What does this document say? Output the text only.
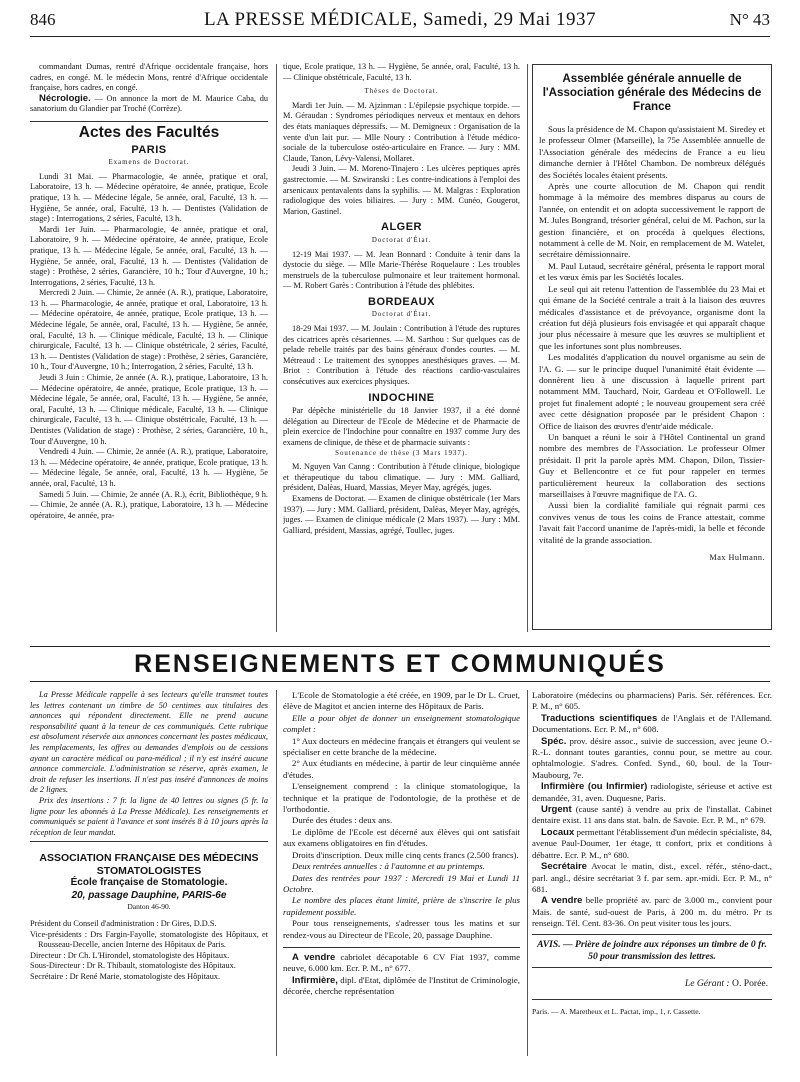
846	LA PRESSE MÉDICALE, Samedi, 29 Mai 1937	N° 43

commandant Dumas, rentré d'Afrique occidentale française, hors cadres, en congé. M. le médecin Mons, rentré d'Afrique occidentale française, hors cadres, en congé.

Nécrologie. — On annonce la mort de M. Maurice Caba, du sanatorium du Glandier par Troché (Corrèze).

Actes des Facultés
PARIS
Examens de Doctorat.

Lundi 31 Mai. — Pharmacologie, 4e année, pratique et oral, Laboratoire, 13 h. — Médecine opératoire, 4e année, pratique, Ecole pratique, 13 h. — Médecine légale, 5e année, oral, Faculté, 13 h. — Hygiène, 5e année, oral, Faculté, 13 h. — Dentistes (Validation de stage) : Interrogations, 2 séries, Faculté, 13 h.

Mardi 1er Juin. — Pharmacologie, 4e année, pratique et oral, Laboratoire, 9 h. — Médecine opératoire, 4e année, pratique, Ecole pratique, 13 h. — Médecine légale, 5e année, oral, Faculté, 13 h. — Hygiène, 5e année, oral, Faculté, 13 h. — Dentistes (Validation de stage) : Prothèse, 2 séries, Garancière, 10 h.; Tour d'Auvergne, 10 h.; Interrogations, 2 séries, Faculté, 13 h.

Mercredi 2 Juin. — Chimie, 2e année (A. R.), pratique, Laboratoire, 13 h. — Pharmacologie, 4e année, pratique et oral, Laboratoire, 13 h. — Médecine opératoire, 4e année, pratique, Ecole pratique, 13 h. — Médecine légale, 5e année, oral, Faculté, 13 h. — Hygiène, 5e année, oral, Faculté, 13 h. — Clinique médicale, Faculté, 13 h. — Clinique chirurgicale, Faculté, 13 h. — Clinique obstétricale, 2 séries, Faculté, 13 h. — Dentistes (Validation de stage) : Prothèse, 2 séries, Garancière, 10 h., Tour d'Auvergne, 10 h.; Interrogation, 2 séries, Faculté, 13 h.

Jeudi 3 Juin : Chimie, 2e année (A. R.), pratique, Laboratoire, 13 h. — Médecine opératoire, 4e année, pratique, Ecole pratique, 13 h. — Médecine légale, 5e année, oral, Faculté, 13 h. — Hygiène, 5e année, oral, Faculté, 13 h. — Clinique médicale, Faculté, 13 h. — Clinique chirurgicale, Faculté, 13 h. — Clinique obstétricale, Faculté, 13 h. — Dentistes (Validation de stage) : Prothèse, 2 séries, Garancière, 10 h., Tour d'Auvergne, 10 h.

Vendredi 4 Juin. — Chimie, 2e année (A. R.), pratique, Laboratoire, 13 h. — Médecine opératoire, 4e année, pratique, Ecole pratique, 13 h. — Médecine légale, 5e année, oral, Faculté, 13 h. — Hygiène, 5e année, oral, Faculté, 13 h.

Samedi 5 Juin. — Chimie, 2e année (A. R.), écrit, Bibliothèque, 9 h. — Chimie, 2e année (A. R.), pratique, Laboratoire, 13 h. — Médecine opératoire, 4e année, pra-

tique, Ecole pratique, 13 h. — Hygiène, 5e année, oral, Faculté, 13 h. — Clinique obstétricale, Faculté, 13 h.

Thèses de Doctorat.

Mardi 1er Juin. — M. Ajzinman : L'épilepsie psychique torpide. — M. Géraudan : Syndromes périodiques nerveux et mentaux en dehors des états maniaques dépressifs. — M. Demigneux : Organisation de la vente d'un lait pur. — Mlle Noury : Contribution à l'étude médico-sociale de la tuberculose ostéo-articulaire en France. — Jury : MM. Claude, Tanon, Lévy-Valensi, Mollaret.

Jeudi 3 Juin. — M. Moreno-Tinajero : Les ulcères peptiques après gastrectomie. — M. Szwiranski : Les contre-indications à l'emploi des arsenicaux pentavalents dans la syphilis. — M. Malgras : Exploration radiologique des voies biliaires. — Jury : MM. Cunéo, Gougerot, Marion, Gastinel.

ALGER
Doctorat d'État.

12-19 Mai 1937. — M. Jean Bonnard : Conduite à tenir dans la dystocie du siège. — Mlle Marie-Thérèse Roquelaure : Les troubles menstruels de la tuberculose pulmonaire et leur traitement hormonal. — M. Robert Garès : Contribution à l'étude des phlébites.

BORDEAUX
Doctorat d'État.

18-29 Mai 1937. — M. Joulain : Contribution à l'étude des ruptures des cicatrices après césariennes. — M. Sarthou : Sur quelques cas de pelade rebelle traités par des bains généraux d'ondes courtes. — M. Métreaud : Le traitement des synoppes anesthésiques graves. — M. Briot : Contribution à l'étude des réactions cardio-vasculaires consécutives aux exercices physiques.

INDOCHINE

Par dépêche ministérielle du 18 Janvier 1937, il a été donné délégation au Directeur de l'Ecole de Médecine et de Pharmacie de plein exercice de l'Indochine pour connaître en 1937 comme Jury des examens de clinique, de thèse et de pharmacie suivants :

Soutenance de thèse (3 Mars 1937).

M. Nguyen Van Canng : Contribution à l'étude clinique, biologique et thérapeutique du tabou climatique. — Jury : MM. Galliard, président, Dalèas, Huard, Massias, Meyer May, agrégés, juges.

Examens de Doctorat. — Examen de clinique obstétricale (1er Mars 1937). — Jury : MM. Galliard, président, Dalèas, Meyer May, agrégés, juges. — Examen de clinique médicale (2 Mars 1937). — Jury : MM. Galliard, président, Massias, agrégé, Toullec, juges.

Assemblée générale annuelle de l'Association générale des Médecins de France

Sous la présidence de M. Chapon qu'assistaient M. Siredey et le professeur Olmer (Marseille), la 75e Assemblée annuelle de l'Association générale des médecins de France a eu lieu dimanche dernier à l'Hôtel Chambon. De nombreux délégués des Sociétés locales étaient présents.

Après une courte allocution de M. Chapon qui rendit hommage à la mémoire des membres disparus au cours de l'année, on entendit et on adopta successivement le rapport de M. Jules Bongrand, trésorier général, celui de M. Pachon, sur la gestion financière, et on procéda à quelques élections, notamment à celle de M. Noir, en remplacement de M. Watelet, secrétaire démissionnaire.

M. Paul Lutaud, secrétaire général, présenta le rapport moral et les vœux émis par les Sociétés locales.

Le seul qui ait retenu l'attention de l'assemblée du 23 Mai et qui émane de la Société centrale a trait à la liaison des œuvres médicales d'assistance et de prévoyance, organisme dont la création fut déjà plusieurs fois envisagée et qui apparaît chaque jour plus nécessaire à mesure que les œuvres se multiplient et que les infortunes sont plus nombreuses.

Les modalités d'application du nouvel organisme au sein de l'A. G. — sur le principe duquel l'unanimité était évidente — donnèrent lieu à une discussion à laquelle prirent part notamment MM. Tauchard, Noir, Gardeau et O'Followell. Le projet fut finalement adopté ; le nouveau groupement sera créé avec cette désignation proposée par le président Chapon : Office de liaison des œuvres d'entr'aide médicale.

Un banquet a réuni le soir à l'Hôtel Continental un grand nombre des membres de l'Association. Le professeur Olmer présidait. Il prit la parole après MM. Chapon, Dilon, Tissier-Guy et Bellencontre et ce fut pour rappeler en termes particulièrement heureux la collaboration des sections marseillaises à l'œuvre magnifique de l'A. G.

Aussi bien la cordialité familiale qui régnait parmi ces convives venus de tous les coins de France attestait, comme l'avait fait l'accord unanime de l'après-midi, la belle et féconde vitalité de la grande association.

Max Hulmann.
RENSEIGNEMENTS ET COMMUNIQUÉS

La Presse Médicale rappelle à ses lecteurs qu'elle transmet toutes les lettres contenant un timbre de 50 centimes aux titulaires des annonces qui répondent directement. Elle ne prend aucune responsabilité quant à la teneur de ces communiqués. Cette rubrique est absolument réservée aux annonces concernant les postes médicaux, les remplacements, les offres ou demandes d'emplois ou de cessions ayant un caractère médical ou para-médical ; il n'y est inséré aucune annonce commerciale. L'administration se réserve, après examen, le droit de refuser les insertions. Il n'est pas inséré d'annonces de moins de 2 lignes.

Prix des insertions : 7 fr. la ligne de 40 lettres ou signes (5 fr. la ligne pour les abonnés à La Presse Médicale). Les renseignements et communiqués se paient à l'avance et sont insérés 8 à 10 jours après la réception de leur mandat.

ASSOCIATION FRANÇAISE DES MÉDECINS STOMATOLOGISTES
École française de Stomatologie.
20, passage Dauphine, PARIS-6e
Danton 46-90.

Président du Conseil d'administration : Dr Gires, D.D.S.

Vice-présidents : Drs Fargin-Fayolle, stomatologiste des Hôpitaux, et Rousseau-Decelle, ancien Interne des Hôpitaux de Paris.

Directeur : Dr Ch. L'Hirondel, stomatologiste des Hôpitaux.

Sous-Directeur : Dr R. Thibault, stomatologiste des Hôpitaux.

Secrétaire : Dr René Marie, stomatologiste des Hôpitaux.

L'Ecole de Stomatologie a été créée, en 1909, par le Dr L. Cruet, élève de Magitot et ancien interne des Hôpitaux de Paris.

Elle a pour objet de donner un enseignement stomatologique complet :

1° Aux docteurs en médecine français et étrangers qui veulent se spécialiser en cette branche de la médecine.

2° Aux étudiants en médecine, à partir de leur cinquième année d'études.

L'enseignement comprend : la clinique stomatologique, la technique et la pratique de l'odontologie, de la prothèse et de l'orthodontie.

Durée des études : deux ans.

Le diplôme de l'Ecole est décerné aux élèves qui ont satisfait aux examens obligatoires en fin d'études.

Droits d'inscription. Deux mille cinq cents francs (2.500 francs).

Deux rentrées annuelles : à l'automne et au printemps.

Dates des rentrées pour 1937 : Mercredi 19 Mai et Lundi 11 Octobre.

Le nombre des places étant limité, prière de s'inscrire le plus rapidement possible.

Pour tous renseignements, s'adresser tous les matins et sur rendez-vous au Directeur de l'Ecole, 20, passage Dauphine.

A vendre cabriolet décapotable 6 CV Fiat 1937, comme neuve, 6.000 km. Ecr. P. M., n° 677.

Infirmière, dipl. d'Etat, diplômée de l'Institut de Criminologie, décorée, cherche représentation

Laboratoire (médecins ou pharmaciens) Paris. Sér. références. Ecr. P. M., n° 605.

Traductions scientifiques de l'Anglais et de l'Allemand. Documentations. Ecr. P. M., n° 608.

Spéc. prov. désire assoc., suivie de succession, avec jeune O.-R.-L. donnant toutes garanties, connu pour, se mettre au cour. ophtalmologie. S'adres. Confed. Synd., 60, boul. de la Tour-Maubourg, 7e.

Infirmière (ou Infirmier) radiologiste, sérieuse et active est demandée, 31, aven. Duquesne, Paris.

Urgent (cause santé) à vendre au prix de l'installat. Cabinet dentaire exist. 11 ans dans stat. baln. de Savoie. Ecr. P. M., n° 679.

Locaux permettant l'établissement d'un médecin spécialiste, 84, avenue Paul-Doumer, 1er étage, tt confort, prix et conditions à débattre. Ecr. P. M., n° 680.

Secrétaire Avocat le matin, dist., excel. référ., sténo-dact., parl. angl., désire secrétariat 3 f. par sem. apr.-midi. Ecr. P. M., n° 681.

A vendre belle propriété av. parc de 3.000 m., convient pour Mais. de santé, sud-ouest de Paris, à 200 m. du métro. Pr ts renseign. Tél. Cent. 83-36. On peut visiter tous les jours.

AVIS. — Prière de joindre aux réponses un timbre de 0 fr. 50 pour transmission des lettres.
Le Gérant : O. Porée.
Paris. — A. Maretheux et L. Pactat, imp., 1, r. Cassette.
